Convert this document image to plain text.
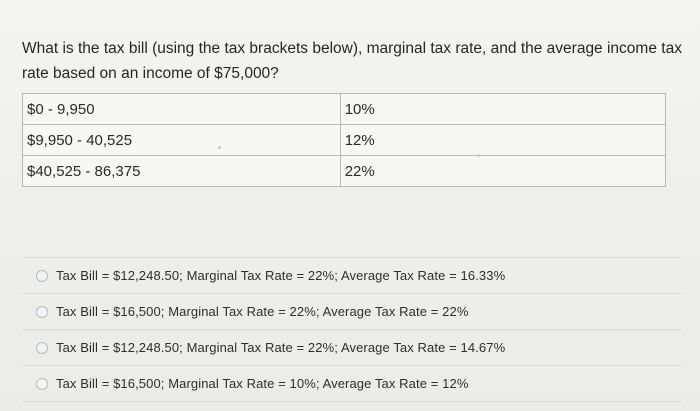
What is the tax bill (using the tax brackets below), marginal tax rate, and the average income tax rate based on an income of $75,000?
$0 - 9,950	10%
$9,950 - 40,525	12%
$40,525 - 86,375	22%
Tax Bill = $12,248.50; Marginal Tax Rate = 22%; Average Tax Rate = 16.33%
Tax Bill = $16,500; Marginal Tax Rate = 22%; Average Tax Rate = 22%
Tax Bill = $12,248.50; Marginal Tax Rate = 22%; Average Tax Rate = 14.67%
Tax Bill = $16,500; Marginal Tax Rate = 10%; Average Tax Rate = 12%
